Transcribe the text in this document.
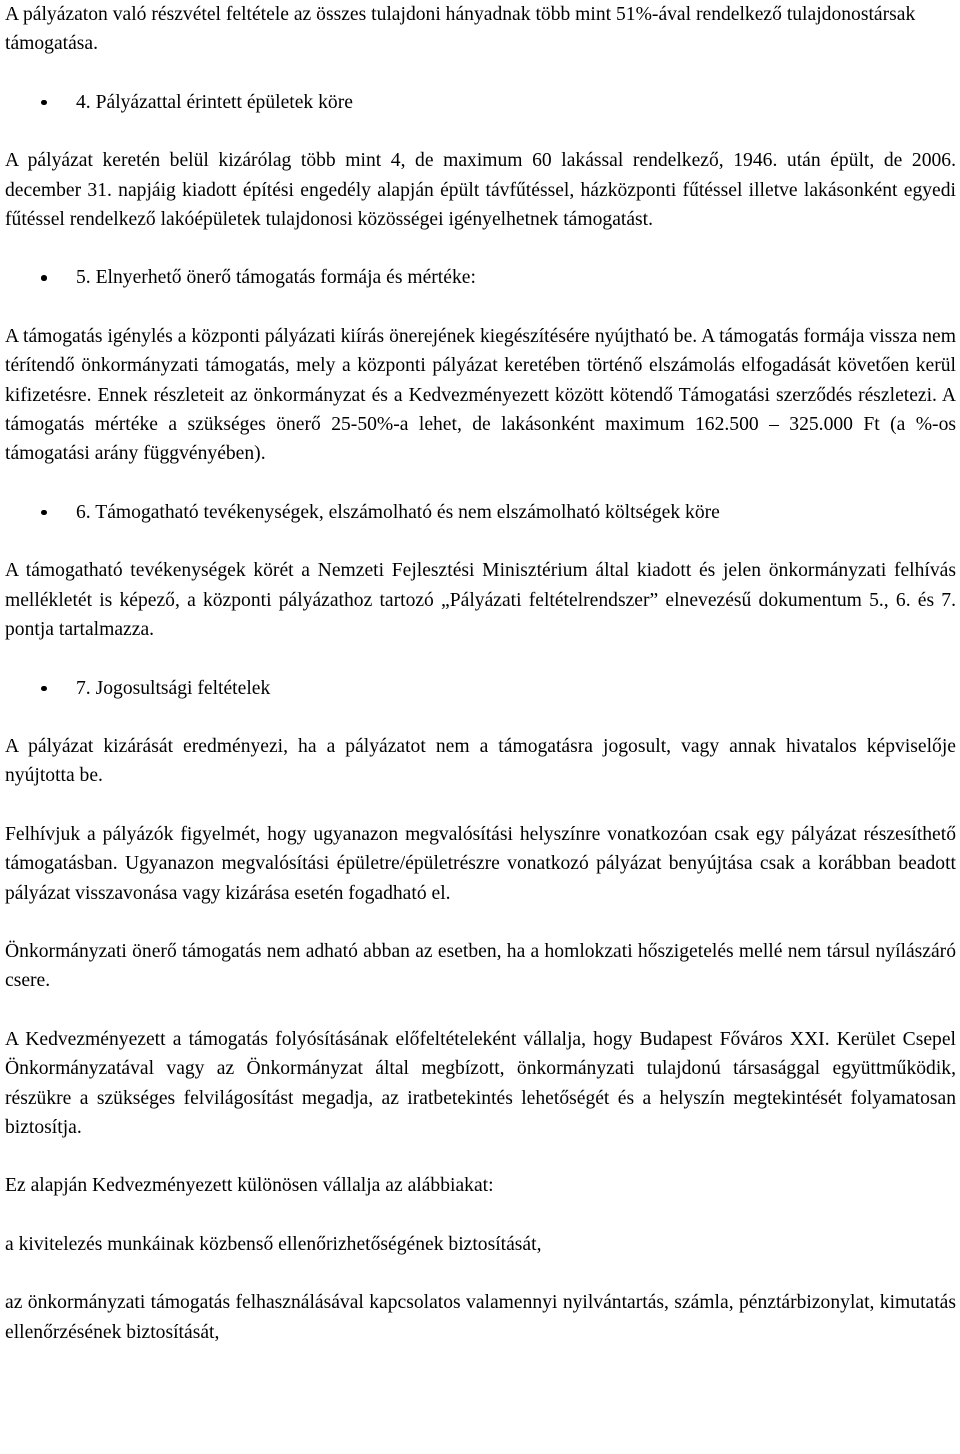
A pályázaton való részvétel feltétele az összes tulajdoni hányadnak több mint 51%-ával rendelkező tulajdonostársak támogatása.

4. Pályázattal érintett épületek köre

A pályázat keretén belül kizárólag több mint 4, de maximum 60 lakással rendelkező, 1946. után épült, de 2006. december 31. napjáig kiadott építési engedély alapján épült távfűtéssel, házközponti fűtéssel illetve lakásonként egyedi fűtéssel rendelkező lakóépületek tulajdonosi közösségei igényelhetnek támogatást.

5. Elnyerhető önerő támogatás formája és mértéke:

A támogatás igénylés a központi pályázati kiírás önerejének kiegészítésére nyújtható be. A támogatás formája vissza nem térítendő önkormányzati támogatás, mely a központi pályázat keretében történő elszámolás elfogadását követően kerül kifizetésre. Ennek részleteit az önkormányzat és a Kedvezményezett között kötendő Támogatási szerződés részletezi. A támogatás mértéke a szükséges önerő 25-50%-a lehet, de lakásonként maximum 162.500 – 325.000 Ft (a %-os támogatási arány függvényében).

6. Támogatható tevékenységek, elszámolható és nem elszámolható költségek köre

A támogatható tevékenységek körét a Nemzeti Fejlesztési Minisztérium által kiadott és jelen önkormányzati felhívás mellékletét is képező, a központi pályázathoz tartozó „Pályázati feltételrendszer” elnevezésű dokumentum 5., 6. és 7. pontja tartalmazza.

7. Jogosultsági feltételek

A pályázat kizárását eredményezi, ha a pályázatot nem a támogatásra jogosult, vagy annak hivatalos képviselője nyújtotta be.

Felhívjuk a pályázók figyelmét, hogy ugyanazon megvalósítási helyszínre vonatkozóan csak egy pályázat részesíthető támogatásban. Ugyanazon megvalósítási épületre/épületrészre vonatkozó pályázat benyújtása csak a korábban beadott pályázat visszavonása vagy kizárása esetén fogadható el.

Önkormányzati önerő támogatás nem adható abban az esetben, ha a homlokzati hőszigetelés mellé nem társul nyílászáró csere.

A Kedvezményezett a támogatás folyósításának előfeltételeként vállalja, hogy Budapest Főváros XXI. Kerület Csepel Önkormányzatával vagy az Önkormányzat által megbízott, önkormányzati tulajdonú társasággal együttműködik, részükre a szükséges felvilágosítást megadja, az iratbetekintés lehetőségét és a helyszín megtekintését folyamatosan biztosítja.

Ez alapján Kedvezményezett különösen vállalja az alábbiakat:

a kivitelezés munkáinak közbenső ellenőrizhetőségének biztosítását,

az önkormányzati támogatás felhasználásával kapcsolatos valamennyi nyilvántartás, számla, pénztárbizonylat, kimutatás ellenőrzésének biztosítását,
